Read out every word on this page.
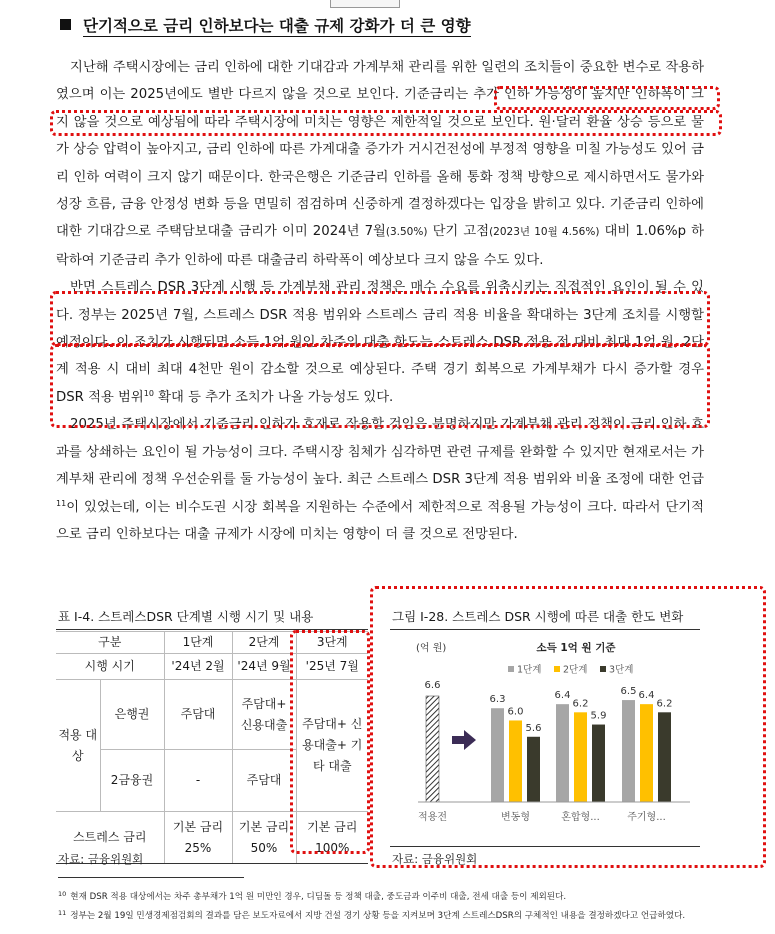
단기적으로 금리 인하보다는 대출 규제 강화가 더 큰 영향

지난해 주택시장에는 금리 인하에 대한 기대감과 가계부채 관리를 위한 일련의 조치들이 중요한 변수로 작용하였으며 이는 2025년에도 별반 다르지 않을 것으로 보인다. 기준금리는 추가 인하 가능성이 높지만 인하폭이 크지 않을 것으로 예상됨에 따라 주택시장에 미치는 영향은 제한적일 것으로 보인다. 원·달러 환율 상승 등으로 물가 상승 압력이 높아지고, 금리 인하에 따른 가계대출 증가가 거시건전성에 부정적 영향을 미칠 가능성도 있어 금리 인하 여력이 크지 않기 때문이다. 한국은행은 기준금리 인하를 올해 통화 정책 방향으로 제시하면서도 물가와 성장 흐름, 금융 안정성 변화 등을 면밀히 점검하며 신중하게 결정하겠다는 입장을 밝히고 있다. 기준금리 인하에 대한 기대감으로 주택담보대출 금리가 이미 2024년 7월(3.50%) 단기 고점(2023년 10월 4.56%) 대비 1.06%p 하락하여 기준금리 추가 인하에 따른 대출금리 하락폭이 예상보다 크지 않을 수도 있다.

반면 스트레스 DSR 3단계 시행 등 가계부채 관리 정책은 매수 수요를 위축시키는 직접적인 요인이 될 수 있다. 정부는 2025년 7월, 스트레스 DSR 적용 범위와 스트레스 금리 적용 비율을 확대하는 3단계 조치를 시행할 예정이다. 이 조치가 시행되면 소득 1억 원인 차주의 대출 한도는 스트레스 DSR 적용 전 대비 최대 1억 원, 2단계 적용 시 대비 최대 4천만 원이 감소할 것으로 예상된다. 주택 경기 회복으로 가계부채가 다시 증가할 경우 DSR 적용 범위$^{10}$ 확대 등 추가 조치가 나올 가능성도 있다.

2025년 주택시장에서 기준금리 인하가 호재로 작용할 것임은 분명하지만 가계부채 관리 정책이 금리 인하 효과를 상쇄하는 요인이 될 가능성이 크다. 주택시장 침체가 심각하면 관련 규제를 완화할 수 있지만 현재로서는 가계부채 관리에 정책 우선순위를 둘 가능성이 높다. 최근 스트레스 DSR 3단계 적용 범위와 비율 조정에 대한 언급$^{11}$이 있었는데, 이는 비수도권 시장 회복을 지원하는 수준에서 제한적으로 적용될 가능성이 크다. 따라서 단기적으로 금리 인하보다는 대출 규제가 시장에 미치는 영향이 더 클 것으로 전망된다.

표 Ⅰ-4. 스트레스DSR 단계별 시행 시기 및 내용
구분		1단계	2단계	3단계
시행 시기		'24년 2월	'24년 9월	'25년 7월
적용 대상	은행권	주담대	주담대+ 신용대출	주담대+ 신용대출+ 기타 대출
	2금융권	-	주담대	
스트레스 금리		기본 금리 25%	기본 금리 50%	기본 금리 100%
자료: 금융위원회
그림 Ⅰ-28. 스트레스 DSR 시행에 따른 대출 한도 변화
(억 원)	소득 1억 원 기준
1단계 2단계 3단계
6.6
6.3
6.0
5.6
6.4
6.2
5.9
6.5 6.4
6.2
적용전	변동형	혼합형...	주기형...
자료: 금융위원회
$^{10}$ 현재 DSR 적용 대상에서는 차주 총부채가 1억 원 미만인 경우, 디딤돌 등 정책 대출, 중도금과 이주비 대출, 전세 대출 등이 제외된다.
$^{11}$ 정부는 2월 19일 민생경제점검회의 결과를 담은 보도자료에서 지방 건설 경기 상황 등을 지켜보며 3단계 스트레스DSR의 구체적인 내용을 결정하겠다고 언급하였다.
